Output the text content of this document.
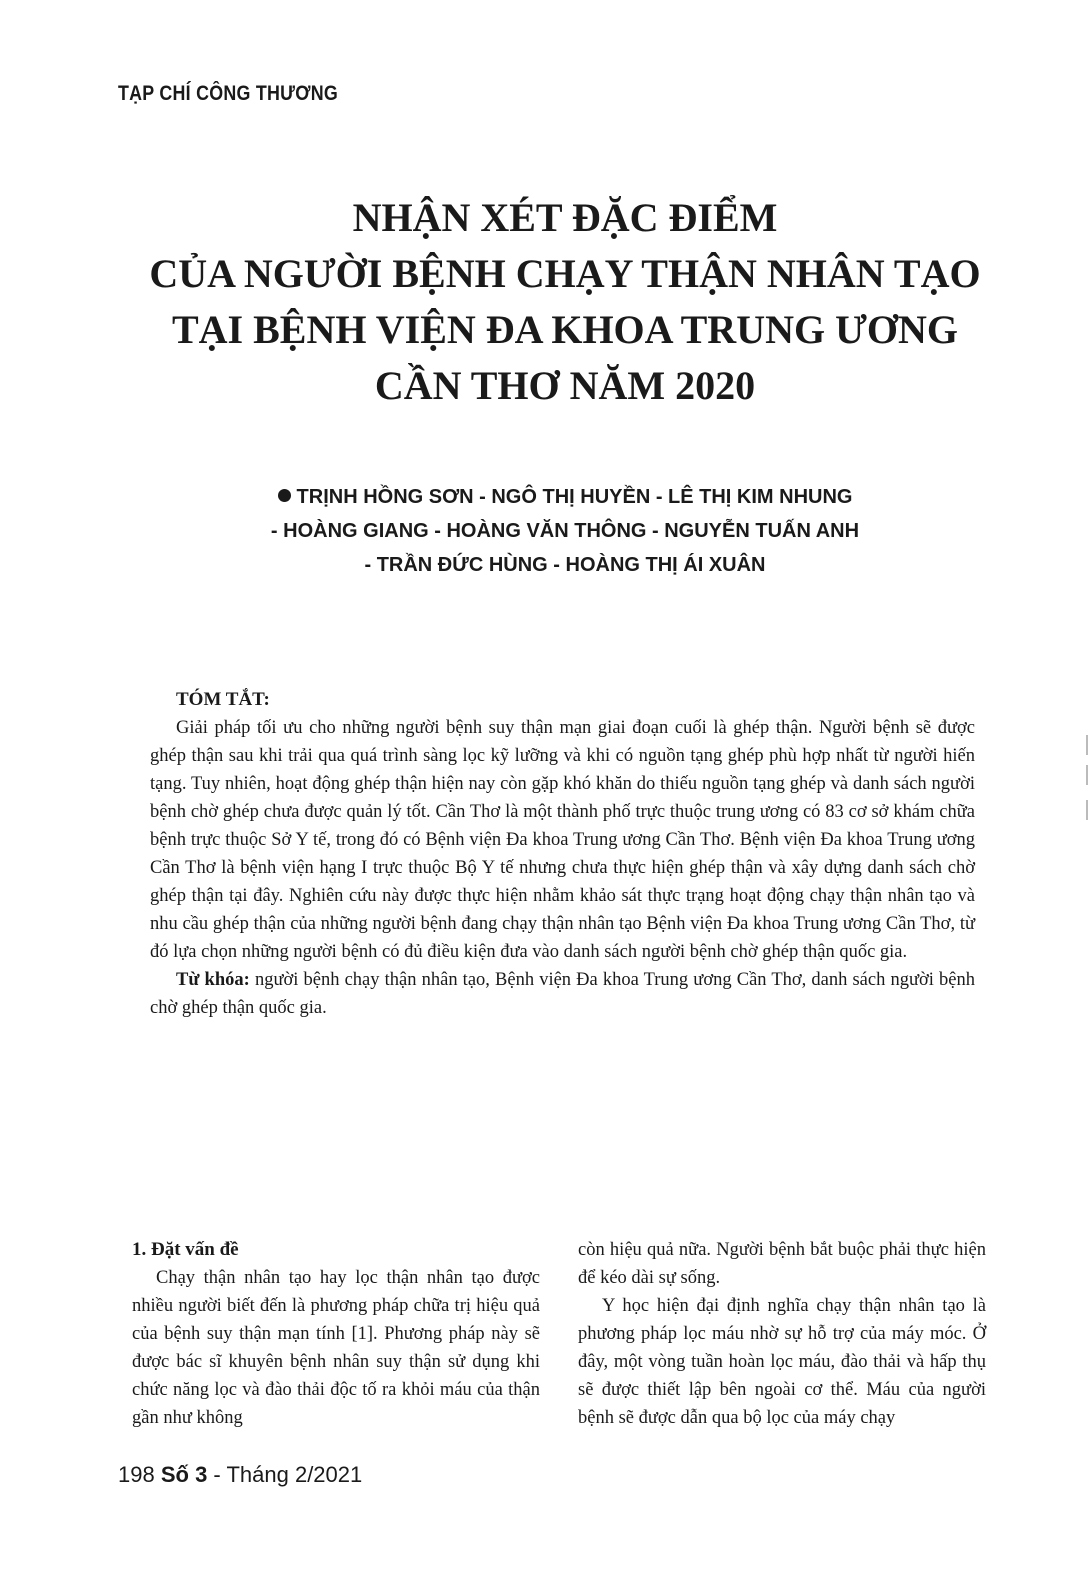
TẠP CHÍ CÔNG THƯƠNG
NHẬN XÉT ĐẶC ĐIỂM
CỦA NGƯỜI BỆNH CHẠY THẬN NHÂN TẠO
TẠI BỆNH VIỆN ĐA KHOA TRUNG ƯƠNG
CẦN THƠ NĂM 2020
TRỊNH HỒNG SƠN - NGÔ THỊ HUYỀN - LÊ THỊ KIM NHUNG
- HOÀNG GIANG - HOÀNG VĂN THÔNG - NGUYỄN TUẤN ANH
- TRẦN ĐỨC HÙNG - HOÀNG THỊ ÁI XUÂN
TÓM TẮT:

Giải pháp tối ưu cho những người bệnh suy thận mạn giai đoạn cuối là ghép thận. Người bệnh sẽ được ghép thận sau khi trải qua quá trình sàng lọc kỹ lưỡng và khi có nguồn tạng ghép phù hợp nhất từ người hiến tạng. Tuy nhiên, hoạt động ghép thận hiện nay còn gặp khó khăn do thiếu nguồn tạng ghép và danh sách người bệnh chờ ghép chưa được quản lý tốt. Cần Thơ là một thành phố trực thuộc trung ương có 83 cơ sở khám chữa bệnh trực thuộc Sở Y tế, trong đó có Bệnh viện Đa khoa Trung ương Cần Thơ. Bệnh viện Đa khoa Trung ương Cần Thơ là bệnh viện hạng I trực thuộc Bộ Y tế nhưng chưa thực hiện ghép thận và xây dựng danh sách chờ ghép thận tại đây. Nghiên cứu này được thực hiện nhằm khảo sát thực trạng hoạt động chạy thận nhân tạo và nhu cầu ghép thận của những người bệnh đang chạy thận nhân tạo Bệnh viện Đa khoa Trung ương Cần Thơ, từ đó lựa chọn những người bệnh có đủ điều kiện đưa vào danh sách người bệnh chờ ghép thận quốc gia.

Từ khóa: người bệnh chạy thận nhân tạo, Bệnh viện Đa khoa Trung ương Cần Thơ, danh sách người bệnh chờ ghép thận quốc gia.

1. Đặt vấn đề

Chạy thận nhân tạo hay lọc thận nhân tạo được nhiều người biết đến là phương pháp chữa trị hiệu quả của bệnh suy thận mạn tính [1]. Phương pháp này sẽ được bác sĩ khuyên bệnh nhân suy thận sử dụng khi chức năng lọc và đào thải độc tố ra khỏi máu của thận gần như không

còn hiệu quả nữa. Người bệnh bắt buộc phải thực hiện để kéo dài sự sống.

Y học hiện đại định nghĩa chạy thận nhân tạo là phương pháp lọc máu nhờ sự hỗ trợ của máy móc. Ở đây, một vòng tuần hoàn lọc máu, đào thải và hấp thụ sẽ được thiết lập bên ngoài cơ thể. Máu của người bệnh sẽ được dẫn qua bộ lọc của máy chạy

198 Số 3 - Tháng 2/2021
